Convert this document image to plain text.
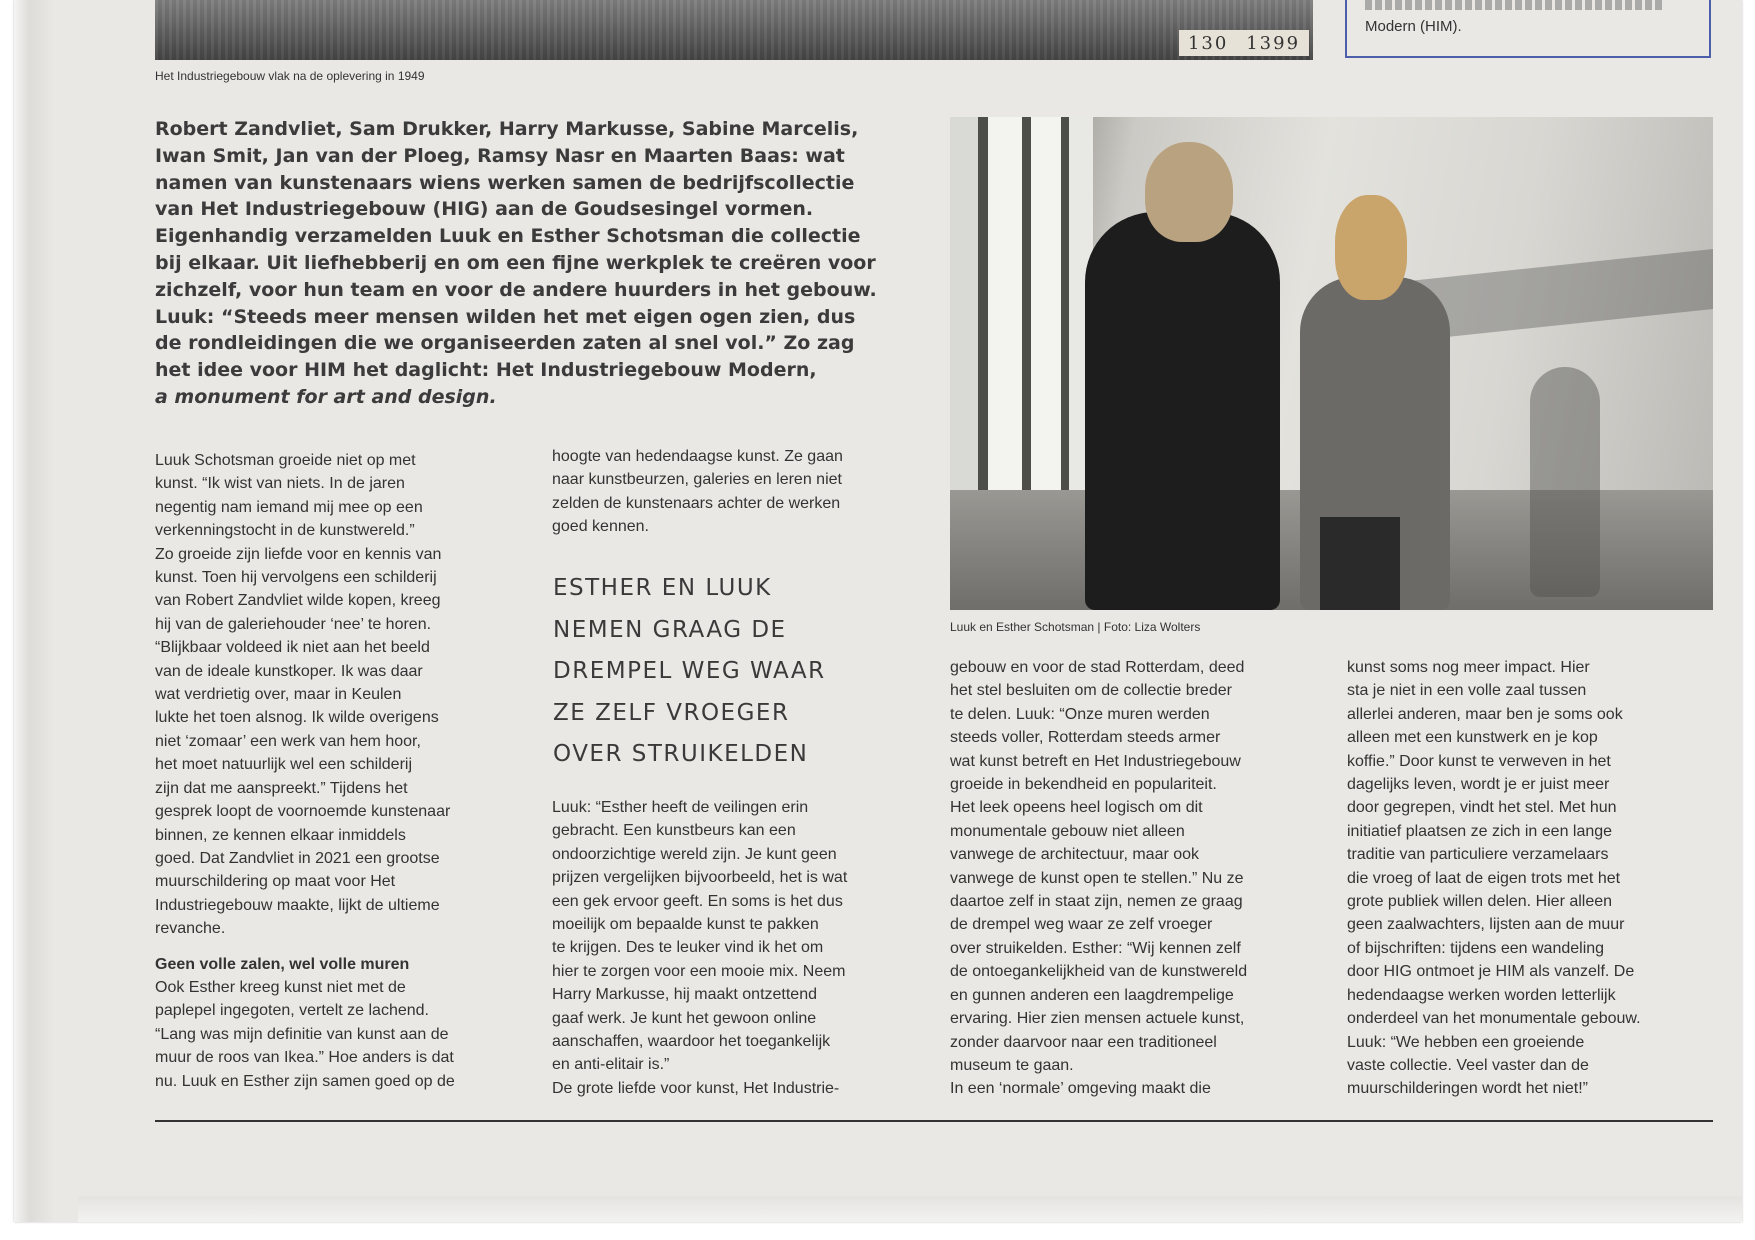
130 1399
Het Industriegebouw vlak na de oplevering in 1949
Modern (HIM).
Robert Zandvliet, Sam Drukker, Harry Markusse, Sabine Marcelis,
Iwan Smit, Jan van der Ploeg, Ramsy Nasr en Maarten Baas: wat
namen van kunstenaars wiens werken samen de bedrijfscollectie
van Het Industriegebouw (HIG) aan de Goudsesingel vormen.
Eigenhandig verzamelden Luuk en Esther Schotsman die collectie
bij elkaar. Uit liefhebberij en om een fijne werkplek te creëren voor
zichzelf, voor hun team en voor de andere huurders in het gebouw.
Luuk: “Steeds meer mensen wilden het met eigen ogen zien, dus
de rondleidingen die we organiseerden zaten al snel vol.” Zo zag
het idee voor HIM het daglicht: Het Industriegebouw Modern,
a monument for art and design.
Luuk en Esther Schotsman | Foto: Liza Wolters
Luuk Schotsman groeide niet op met
kunst. “Ik wist van niets. In de jaren
negentig nam iemand mij mee op een
verkenningstocht in de kunstwereld.”
Zo groeide zijn liefde voor en kennis van
kunst. Toen hij vervolgens een schilderij
van Robert Zandvliet wilde kopen, kreeg
hij van de galeriehouder ‘nee’ te horen.
“Blijkbaar voldeed ik niet aan het beeld
van de ideale kunstkoper. Ik was daar
wat verdrietig over, maar in Keulen
lukte het toen alsnog. Ik wilde overigens
niet ‘zomaar’ een werk van hem hoor,
het moet natuurlijk wel een schilderij
zijn dat me aanspreekt.” Tijdens het
gesprek loopt de voornoemde kunstenaar
binnen, ze kennen elkaar inmiddels
goed. Dat Zandvliet in 2021 een grootse
muurschildering op maat voor Het
Industriegebouw maakte, lijkt de ultieme
revanche.
Geen volle zalen, wel volle muren
Ook Esther kreeg kunst niet met de
paplepel ingegoten, vertelt ze lachend.
“Lang was mijn definitie van kunst aan de
muur de roos van Ikea.” Hoe anders is dat
nu. Luuk en Esther zijn samen goed op de
hoogte van hedendaagse kunst. Ze gaan
naar kunstbeurzen, galeries en leren niet
zelden de kunstenaars achter de werken
goed kennen.
ESTHER EN LUUK
NEMEN GRAAG DE
DREMPEL WEG WAAR
ZE ZELF VROEGER
OVER STRUIKELDEN
Luuk: “Esther heeft de veilingen erin
gebracht. Een kunstbeurs kan een
ondoorzichtige wereld zijn. Je kunt geen
prijzen vergelijken bijvoorbeeld, het is wat
een gek ervoor geeft. En soms is het dus
moeilijk om bepaalde kunst te pakken
te krijgen. Des te leuker vind ik het om
hier te zorgen voor een mooie mix. Neem
Harry Markusse, hij maakt ontzettend
gaaf werk. Je kunt het gewoon online
aanschaffen, waardoor het toegankelijk
en anti-elitair is.”
De grote liefde voor kunst, Het Industrie-
gebouw en voor de stad Rotterdam, deed
het stel besluiten om de collectie breder
te delen. Luuk: “Onze muren werden
steeds voller, Rotterdam steeds armer
wat kunst betreft en Het Industriegebouw
groeide in bekendheid en populariteit.
Het leek opeens heel logisch om dit
monumentale gebouw niet alleen
vanwege de architectuur, maar ook
vanwege de kunst open te stellen.” Nu ze
daartoe zelf in staat zijn, nemen ze graag
de drempel weg waar ze zelf vroeger
over struikelden. Esther: “Wij kennen zelf
de ontoegankelijkheid van de kunstwereld
en gunnen anderen een laagdrempelige
ervaring. Hier zien mensen actuele kunst,
zonder daarvoor naar een traditioneel
museum te gaan.
In een ‘normale’ omgeving maakt die
kunst soms nog meer impact. Hier
sta je niet in een volle zaal tussen
allerlei anderen, maar ben je soms ook
alleen met een kunstwerk en je kop
koffie.” Door kunst te verweven in het
dagelijks leven, wordt je er juist meer
door gegrepen, vindt het stel. Met hun
initiatief plaatsen ze zich in een lange
traditie van particuliere verzamelaars
die vroeg of laat de eigen trots met het
grote publiek willen delen. Hier alleen
geen zaalwachters, lijsten aan de muur
of bijschriften: tijdens een wandeling
door HIG ontmoet je HIM als vanzelf. De
hedendaagse werken worden letterlijk
onderdeel van het monumentale gebouw.
Luuk: “We hebben een groeiende
vaste collectie. Veel vaster dan de
muurschilderingen wordt het niet!”
